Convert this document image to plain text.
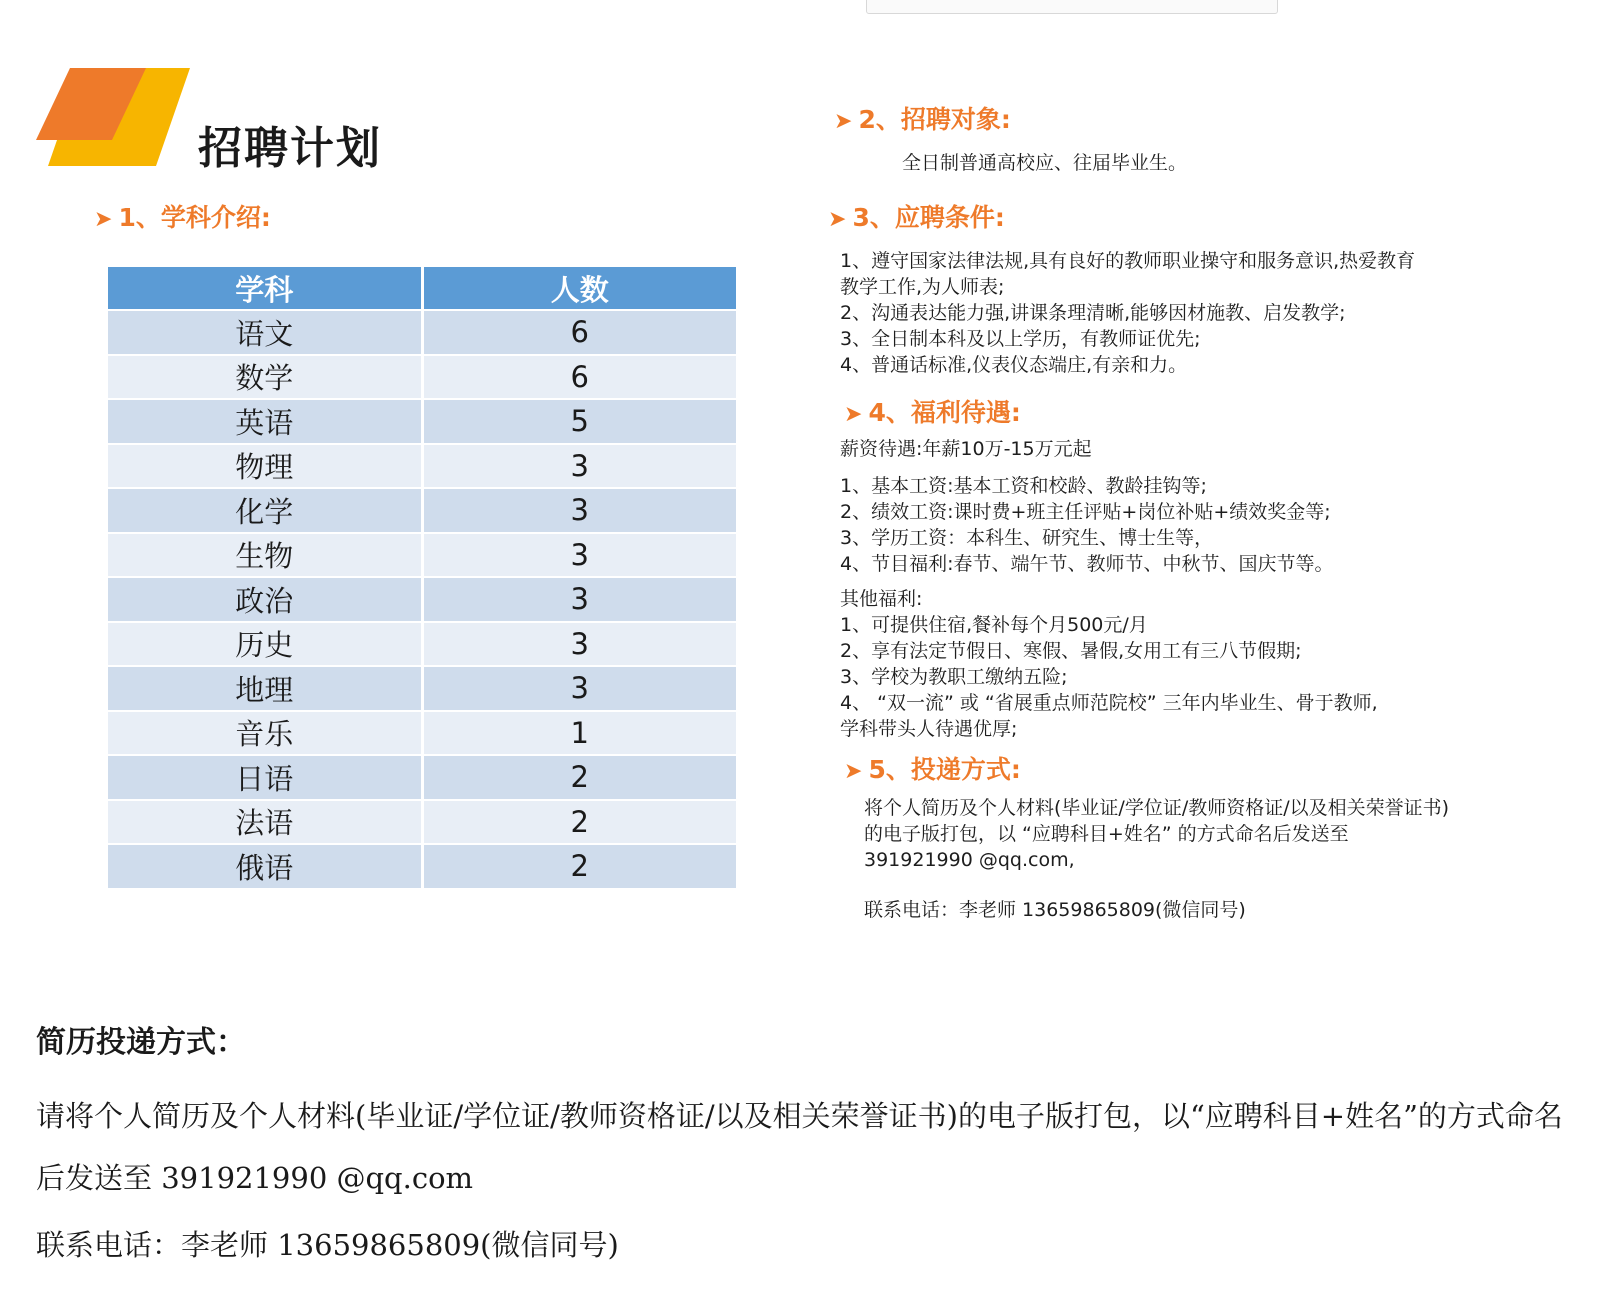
招聘计划
➤ 1、学科介绍:
学科	人数
语文	6
数学	6
英语	5
物理	3
化学	3
生物	3
政治	3
历史	3
地理	3
音乐	1
日语	2
法语	2
俄语	2
➤ 2、招聘对象:
全日制普通高校应、往届毕业生。
➤ 3、应聘条件:
1、遵守国家法律法规,具有良好的教师职业操守和服务意识,热爱教育
教学工作,为人师表;
2、沟通表达能力强,讲课条理清晰,能够因材施教、启发教学;
3、全日制本科及以上学历，有教师证优先;
4、普通话标准,仪表仪态端庄,有亲和力。
➤ 4、福利待遇:
薪资待遇:年薪10万-15万元起
1、基本工资:基本工资和校龄、教龄挂钩等;
2、绩效工资:课时费+班主任评贴+岗位补贴+绩效奖金等;
3、学历工资：本科生、研究生、博士生等，
4、节目福利:春节、端午节、教师节、中秋节、国庆节等。
其他福利:
1、可提供住宿,餐补每个月500元/月
2、享有法定节假日、寒假、暑假,女用工有三八节假期;
3、学校为教职工缴纳五险;
4、 “双一流” 或 “省展重点师范院校” 三年内毕业生、骨于教师,
学科带头人待遇优厚;
➤ 5、投递方式:
将个人简历及个人材料(毕业证/学位证/教师资格证/以及相关荣誉证书)
的电子版打包，以 “应聘科目+姓名” 的方式命名后发送至
391921990 @qq.com,
联系电话：李老师 13659865809(微信同号)
简历投递方式：
请将个人简历及个人材料(毕业证/学位证/教师资格证/以及相关荣誉证书)的电子版打包，以“应聘科目+姓名”的方式命名后发送至 391921990 @qq.com
联系电话：李老师 13659865809(微信同号)
